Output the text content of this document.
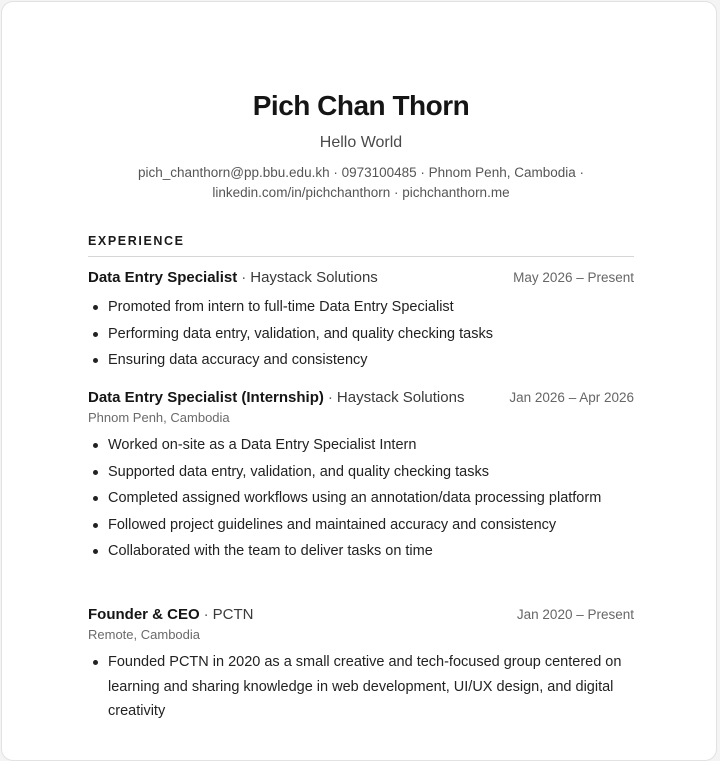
Pich Chan Thorn
Hello World
pich_chanthorn@pp.bbu.edu.kh · 0973100485 · Phnom Penh, Cambodia ·
linkedin.com/in/pichchanthorn · pichchanthorn.me
EXPERIENCE
Data Entry Specialist · Haystack Solutions	May 2026 – Present
Promoted from intern to full-time Data Entry Specialist
Performing data entry, validation, and quality checking tasks
Ensuring data accuracy and consistency
Data Entry Specialist (Internship) · Haystack Solutions	Jan 2026 – Apr 2026
Phnom Penh, Cambodia
Worked on-site as a Data Entry Specialist Intern
Supported data entry, validation, and quality checking tasks
Completed assigned workflows using an annotation/data processing platform
Followed project guidelines and maintained accuracy and consistency
Collaborated with the team to deliver tasks on time
Founder & CEO · PCTN	Jan 2020 – Present
Remote, Cambodia
Founded PCTN in 2020 as a small creative and tech-focused group centered on learning and sharing knowledge in web development, UI/UX design, and digital creativity
